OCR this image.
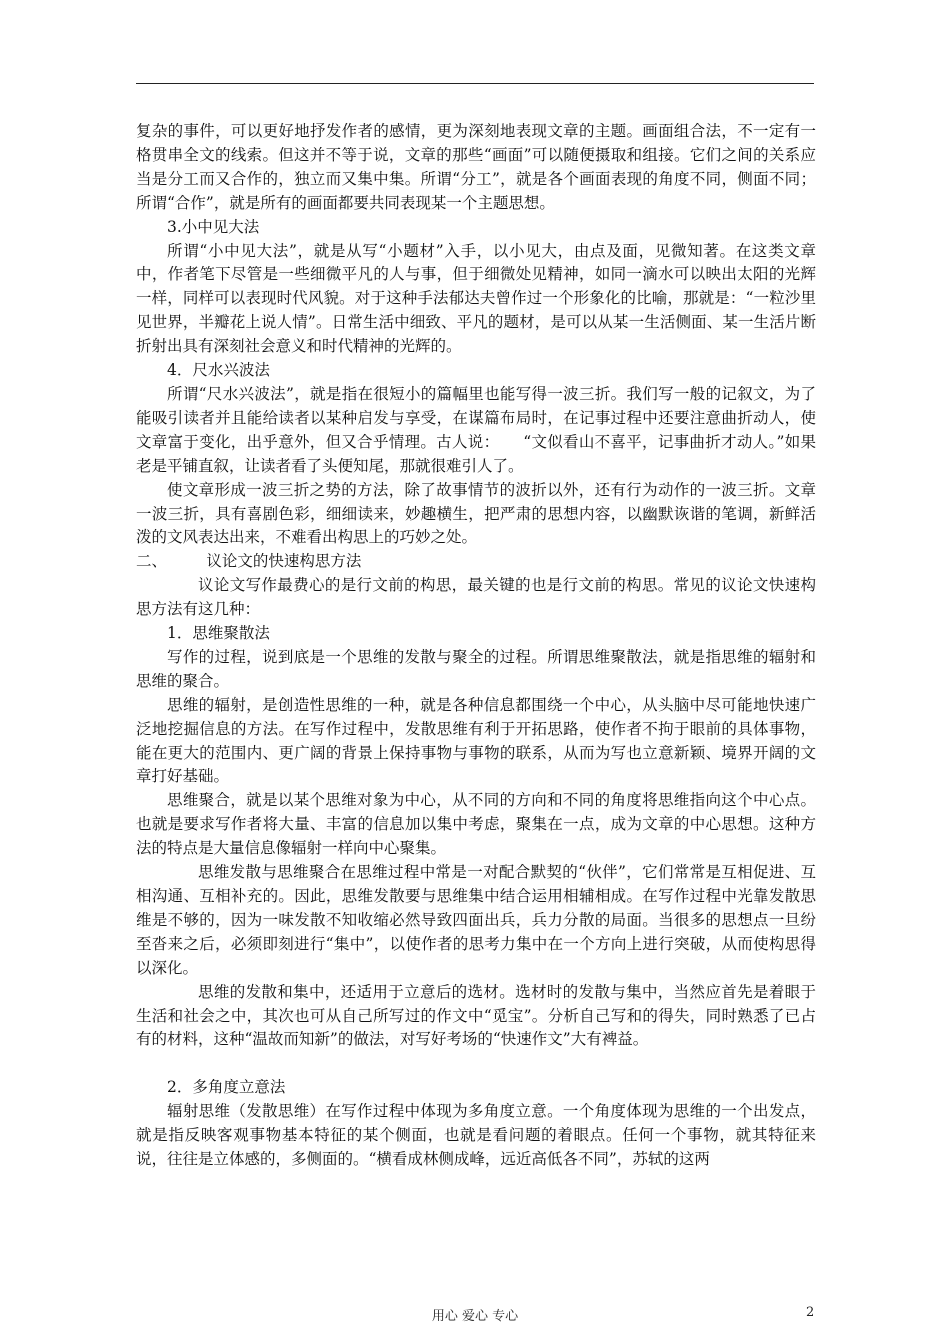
复杂的事件，可以更好地抒发作者的感情，更为深刻地表现文章的主题。画面组合法，不一定有一格贯串全文的线索。但这并不等于说，文章的那些“画面”可以随便摄取和组接。它们之间的关系应当是分工而又合作的，独立而又集中集。所谓“分工”，就是各个画面表现的角度不同，侧面不同；所谓“合作”，就是所有的画面都要共同表现某一个主题思想。

3.小中见大法

所谓“小中见大法”，就是从写“小题材”入手，以小见大，由点及面，见微知著。在这类文章中，作者笔下尽管是一些细微平凡的人与事，但于细微处见精神，如同一滴水可以映出太阳的光辉一样，同样可以表现时代风貌。对于这种手法郁达夫曾作过一个形象化的比喻，那就是：“一粒沙里见世界，半瓣花上说人情”。日常生活中细致、平凡的题材，是可以从某一生活侧面、某一生活片断折射出具有深刻社会意义和时代精神的光辉的。

4．尺水兴波法

所谓“尺水兴波法”，就是指在很短小的篇幅里也能写得一波三折。我们写一般的记叙文，为了能吸引读者并且能给读者以某种启发与享受，在谋篇布局时，在记事过程中还要注意曲折动人，使文章富于变化，出乎意外，但又合乎情理。古人说：　　“文似看山不喜平，记事曲折才动人。”如果老是平铺直叙，让读者看了头便知尾，那就很难引人了。

使文章形成一波三折之势的方法，除了故事情节的波折以外，还有行为动作的一波三折。文章一波三折，具有喜剧色彩，细细读来，妙趣横生，把严肃的思想内容，以幽默诙谐的笔调，新鲜活泼的文风表达出来，不难看出构思上的巧妙之处。

二、        议论文的快速构思方法

议论文写作最费心的是行文前的构思，最关键的也是行文前的构思。常见的议论文快速构思方法有这几种：

1．思维聚散法

写作的过程，说到底是一个思维的发散与聚全的过程。所谓思维聚散法，就是指思维的辐射和思维的聚合。

思维的辐射，是创造性思维的一种，就是各种信息都围绕一个中心，从头脑中尽可能地快速广泛地挖掘信息的方法。在写作过程中，发散思维有利于开拓思路，使作者不拘于眼前的具体事物，能在更大的范围内、更广阔的背景上保持事物与事物的联系，从而为写也立意新颖、境界开阔的文章打好基础。

思维聚合，就是以某个思维对象为中心，从不同的方向和不同的角度将思维指向这个中心点。也就是要求写作者将大量、丰富的信息加以集中考虑，聚集在一点，成为文章的中心思想。这种方法的特点是大量信息像辐射一样向中心聚集。

思维发散与思维聚合在思维过程中常是一对配合默契的“伙伴”，它们常常是互相促进、互相沟通、互相补充的。因此，思维发散要与思维集中结合运用相辅相成。在写作过程中光靠发散思维是不够的，因为一味发散不知收缩必然导致四面出兵，兵力分散的局面。当很多的思想点一旦纷至沓来之后，必须即刻进行“集中”，以使作者的思考力集中在一个方向上进行突破，从而使构思得以深化。

思维的发散和集中，还适用于立意后的选材。选材时的发散与集中，当然应首先是着眼于生活和社会之中，其次也可从自己所写过的作文中“觅宝”。分析自己写和的得失，同时熟悉了已占有的材料，这种“温故而知新”的做法，对写好考场的“快速作文”大有裨益。

2．多角度立意法

辐射思维（发散思维）在写作过程中体现为多角度立意。一个角度体现为思维的一个出发点，就是指反映客观事物基本特征的某个侧面，也就是看问题的着眼点。任何一个事物，就其特征来说，往往是立体感的，多侧面的。“横看成林侧成峰，远近高低各不同”，苏轼的这两

用心 爱心 专心	2
